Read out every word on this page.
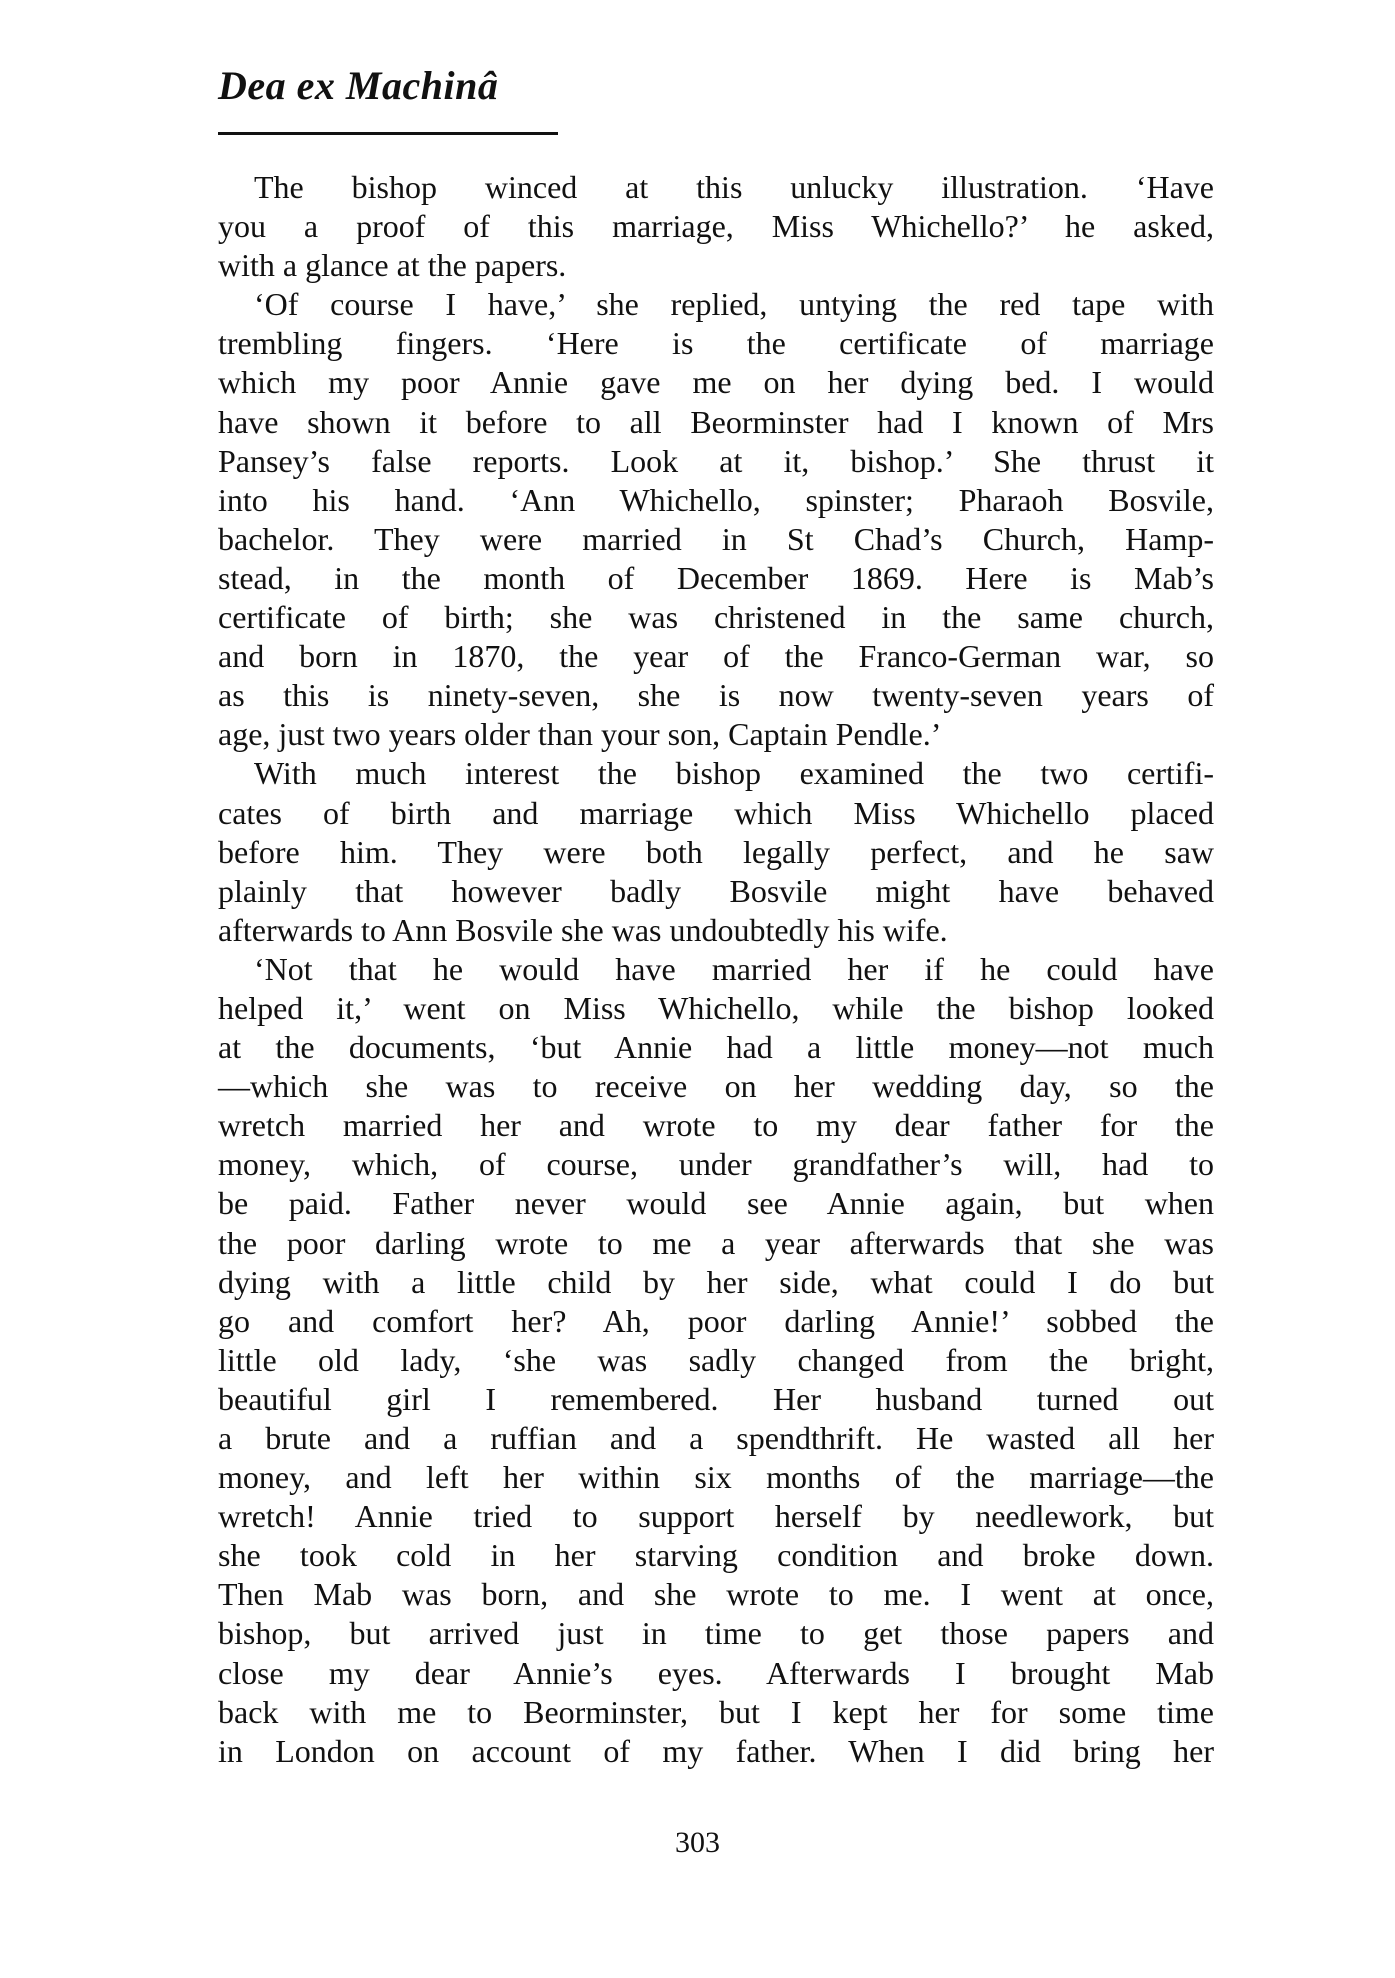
Dea ex Machinâ
The bishop winced at this unlucky illustration. ‘Have
you a proof of this marriage, Miss Whichello?’ he asked,
with a glance at the papers.
‘Of course I have,’ she replied, untying the red tape with
trembling fingers. ‘Here is the certificate of marriage
which my poor Annie gave me on her dying bed. I would
have shown it before to all Beorminster had I known of Mrs
Pansey’s false reports. Look at it, bishop.’ She thrust it
into his hand. ‘Ann Whichello, spinster; Pharaoh Bosvile,
bachelor. They were married in St Chad’s Church, Hamp-
stead, in the month of December 1869. Here is Mab’s
certificate of birth; she was christened in the same church,
and born in 1870, the year of the Franco-German war, so
as this is ninety-seven, she is now twenty-seven years of
age, just two years older than your son, Captain Pendle.’
With much interest the bishop examined the two certifi-
cates of birth and marriage which Miss Whichello placed
before him. They were both legally perfect, and he saw
plainly that however badly Bosvile might have behaved
afterwards to Ann Bosvile she was undoubtedly his wife.
‘Not that he would have married her if he could have
helped it,’ went on Miss Whichello, while the bishop looked
at the documents, ‘but Annie had a little money—not much
—which she was to receive on her wedding day, so the
wretch married her and wrote to my dear father for the
money, which, of course, under grandfather’s will, had to
be paid. Father never would see Annie again, but when
the poor darling wrote to me a year afterwards that she was
dying with a little child by her side, what could I do but
go and comfort her? Ah, poor darling Annie!’ sobbed the
little old lady, ‘she was sadly changed from the bright,
beautiful girl I remembered. Her husband turned out
a brute and a ruffian and a spendthrift. He wasted all her
money, and left her within six months of the marriage—the
wretch! Annie tried to support herself by needlework, but
she took cold in her starving condition and broke down.
Then Mab was born, and she wrote to me. I went at once,
bishop, but arrived just in time to get those papers and
close my dear Annie’s eyes. Afterwards I brought Mab
back with me to Beorminster, but I kept her for some time
in London on account of my father. When I did bring her

303
